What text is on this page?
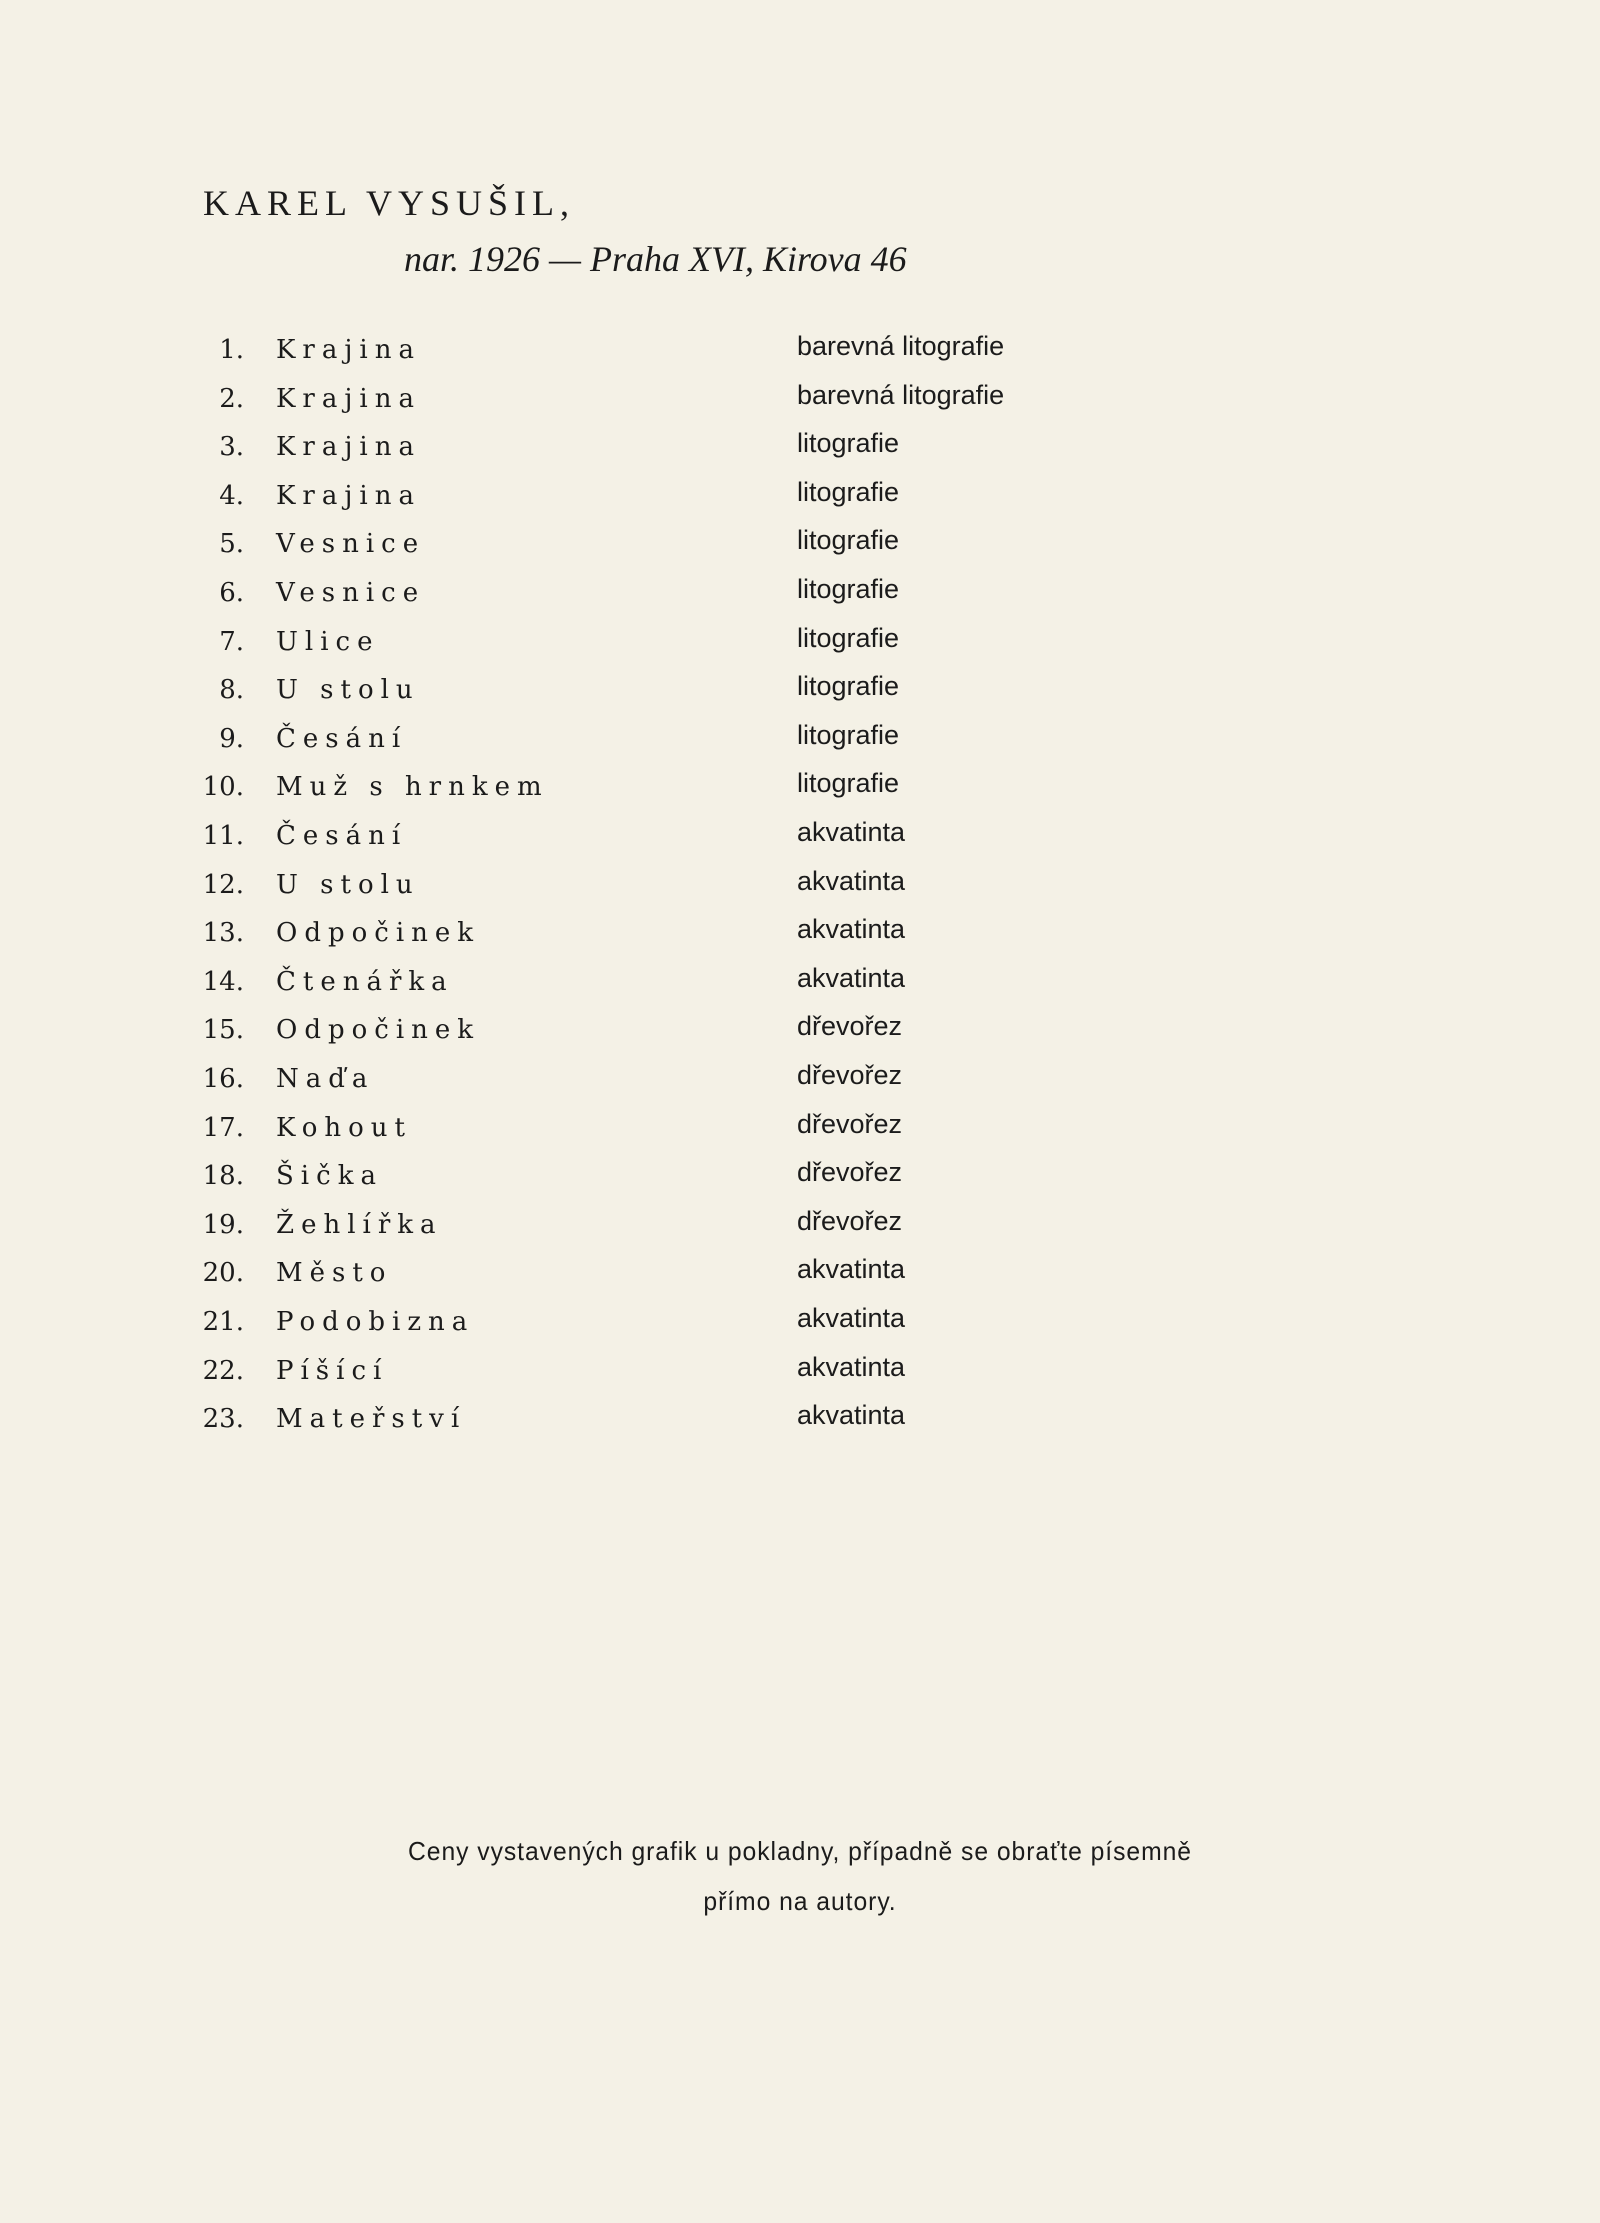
KAREL VYSUŠIL,
nar. 1926 — Praha XVI, Kirova 46
1. Krajina	barevná litografie
2. Krajina	barevná litografie
3. Krajina	litografie
4. Krajina	litografie
5. Vesnice	litografie
6. Vesnice	litografie
7. Ulice	litografie
8. U stolu	litografie
9. Česání	litografie
10. Muž s hrnkem	litografie
11. Česání	akvatinta
12. U stolu	akvatinta
13. Odpočinek	akvatinta
14. Čtenářka	akvatinta
15. Odpočinek	dřevořez
16. Naďa	dřevořez
17. Kohout	dřevořez
18. Šička	dřevořez
19. Žehlířka	dřevořez
20. Město	akvatinta
21. Podobizna	akvatinta
22. Píšící	akvatinta
23. Mateřství	akvatinta
Ceny vystavených grafik u pokladny, případně se obraťte písemně
přímo na autory.
